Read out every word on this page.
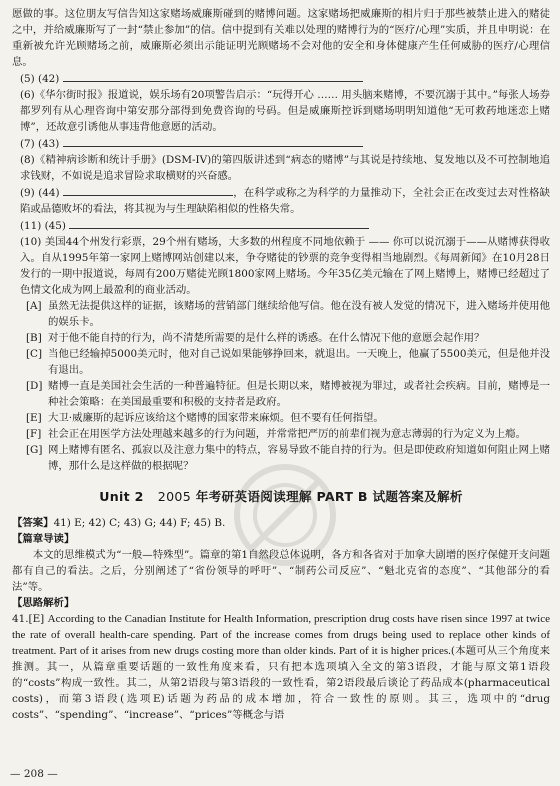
愿做的事。这位朋友写信告知这家赌场威廉斯碰到的赌博问题。这家赌场把威廉斯的相片归于那些被禁止进入的赌徒之中，并给威廉斯写了一封“禁止参加”的信。信中提到有关难以处理的赌博行为的“医疗/心理”实质，并且申明说：在重新被允许光顾赌场之前，威廉斯必须出示能证明光顾赌场不会对他的安全和身体健康产生任何威胁的医疗/心理信息。

(5) (42)

(6)《华尔街时报》报道说，娱乐场有20项警告启示：“玩得开心 …… 用头脑来赌博，不要沉溺于其中。”每张人场券都罗列有从心理咨询中第安那分部得到免费咨询的号码。但是威廉斯控诉到赌场明明知道他“无可救药地迷恋上赌博”，还故意引诱他从事违背他意愿的活动。

(7) (43)

(8)《精神病诊断和统计手册》(DSM-IV)的第四版讲述到“病态的赌博”与其说是持续地、复发地以及不可控制地追求钱财，不如说是追求冒险求取横财的兴奋感。

(9) (44)	，在科学或称之为科学的力量推动下，全社会正在改变过去对性格缺陷或品德败坏的看法，将其视为与生理缺陷相似的性格失常。

(11) (45)

(10) 美国44个州发行彩票，29个州有赌场，大多数的州程度不同地依赖于 —— 你可以说沉溺于——从赌博获得收入。自从1995年第一家网上赌博网站创建以来，争夺赌徒的钞票的竞争变得相当地剧烈。《每周新闻》在10月28日发行的一期中报道说，每周有200万赌徒光顾1800家网上赌场。今年35亿美元输在了网上赌博上，赌博已经超过了色情文化成为网上最盈利的商业活动。

[A] 虽然无法提供这样的证据，该赌场的营销部门继续给他写信。他在没有被人发觉的情况下，进入赌场并使用他的娱乐卡。
[B] 对于他不能自持的行为，尚不清楚所需要的是什么样的诱惑。在什么情况下他的意愿会起作用？
[C] 当他已经输掉5000美元时，他对自己说如果能够挣回来，就退出。一天晚上，他赢了5500美元，但是他并没有退出。
[D] 赌博一直是美国社会生活的一种普遍特征。但是长期以来，赌博被视为罪过，或者社会疾病。目前，赌博是一种社会策略：在美国最重要和积极的支持者是政府。
[E] 大卫·威廉斯的起诉应该给这个赌博的国家带来麻烦。但不要有任何指望。
[F] 社会正在用医学方法处理越来越多的行为问题，并常常把严厉的前辈们视为意志薄弱的行为定义为上瘾。
[G] 网上赌博有匿名、孤寂以及注意力集中的特点，容易导致不能自持的行为。但是即使政府知道如何阻止网上赌博，那什么是这样做的根据呢？
Unit 2 2005 年考研英语阅读理解 PART B 试题答案及解析

【答案】41) E; 42) C; 43) G; 44) F; 45) B.

【篇章导读】

本文的思维模式为“一般—特殊型”。篇章的第1自然段总体说明，各方和各省对于加拿大剧增的医疗保健开支问题都有自己的看法。之后，分别阐述了“省份领导的呼吁”、“制药公司反应”、“魁北克省的态度”、“其他部分的看法”等。

【思路解析】

41.[E] According to the Canadian Institute for Health Information, prescription drug costs have risen since 1997 at twice the rate of overall health-care spending. Part of the increase comes from drugs being used to replace other kinds of treatment. Part of it arises from new drugs costing more than older kinds. Part of it is higher prices.(本题可从三个角度来推测。其一，从篇章重要话题的一致性角度来看，只有把本选项填入全文的第3语段，才能与原文第1语段的“costs”构成一致性。其二，从第2语段与第3语段的一致性看，第2语段最后谈论了药品成本(pharmaceutical costs)，而第3语段(选项E)话题为药品的成本增加，符合一致性的原则。其三，选项中的“drug costs”、“spending”、“increase”、“prices”等概念与语

— 208 —
